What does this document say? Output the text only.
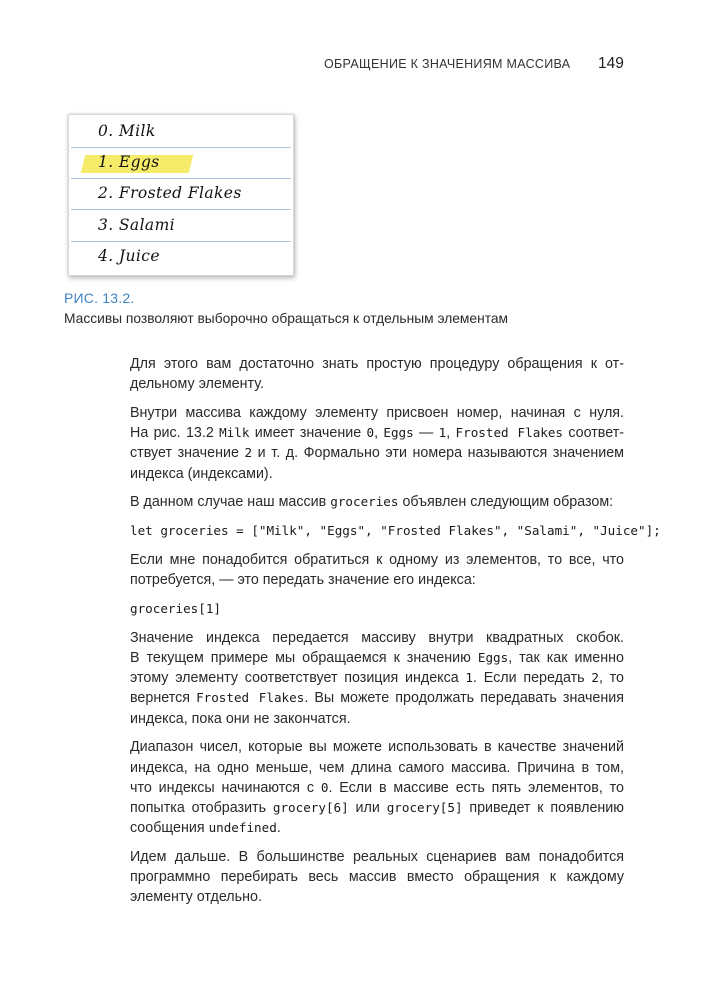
ОБРАЩЕНИЕ К ЗНАЧЕНИЯМ МАССИВА 149
0. Milk
1. Eggs
2. Frosted Flakes
3. Salami
4. Juice
РИС. 13.2.
Массивы позволяют выборочно обращаться к отдельным элементам

Для этого вам достаточно знать простую процедуру обращения к от-
дельному элементу.

Внутри массива каждому элементу присвоен номер, начиная с нуля.
На рис. 13.2 Milk имеет значение 0, Eggs — 1, Frosted Flakes соответ-
ствует значение 2 и т. д. Формально эти номера называются значением
индекса (индексами).

В данном случае наш массив groceries объявлен следующим образом:

let groceries = ["Milk", "Eggs", "Frosted Flakes", "Salami", "Juice"];

Если мне понадобится обратиться к одному из элементов, то все, что
потребуется, — это передать значение его индекса:

groceries[1]

Значение индекса передается массиву внутри квадратных скобок.
В текущем примере мы обращаемся к значению Eggs, так как именно
этому элементу соответствует позиция индекса 1. Если передать 2, то
вернется Frosted Flakes. Вы можете продолжать передавать значения
индекса, пока они не закончатся.

Диапазон чисел, которые вы можете использовать в качестве значений
индекса, на одно меньше, чем длина самого массива. Причина в том,
что индексы начинаются с 0. Если в массиве есть пять элементов, то
попытка отобразить grocery[6] или grocery[5] приведет к появлению
сообщения undefined.

Идем дальше. В большинстве реальных сценариев вам понадобится
программно перебирать весь массив вместо обращения к каждому
элементу отдельно.
